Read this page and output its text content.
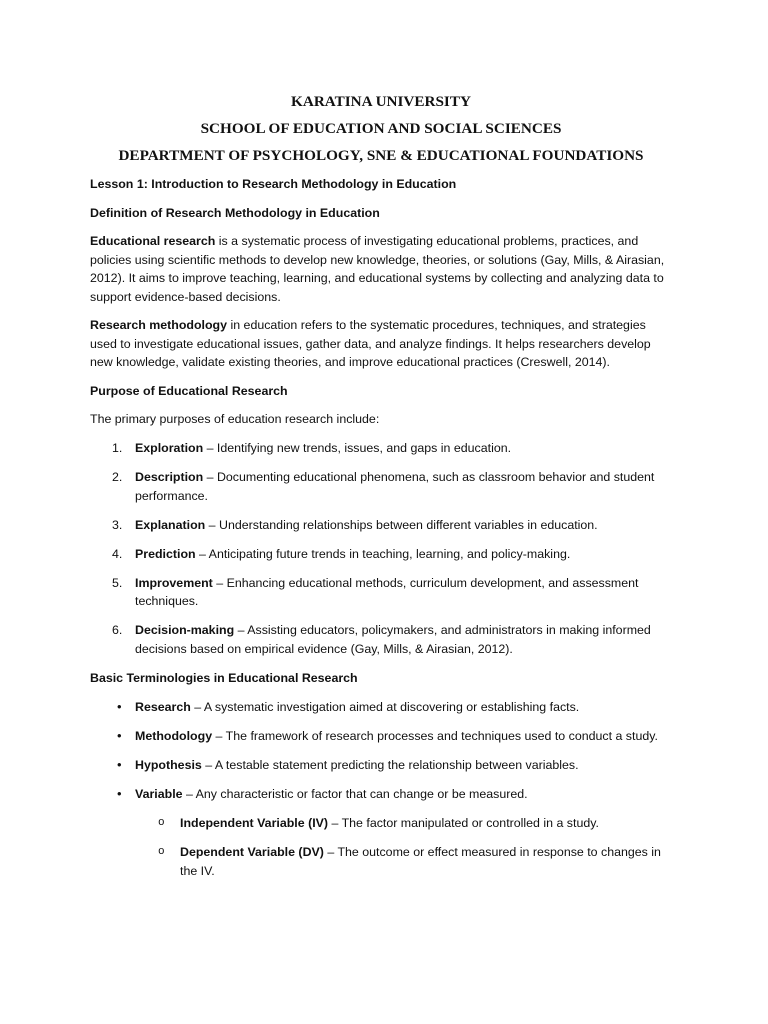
KARATINA UNIVERSITY
SCHOOL OF EDUCATION AND SOCIAL SCIENCES
DEPARTMENT OF PSYCHOLOGY, SNE & EDUCATIONAL FOUNDATIONS

Lesson 1: Introduction to Research Methodology in Education

Definition of Research Methodology in Education

Educational research is a systematic process of investigating educational problems, practices, and policies using scientific methods to develop new knowledge, theories, or solutions (Gay, Mills, & Airasian, 2012). It aims to improve teaching, learning, and educational systems by collecting and analyzing data to support evidence-based decisions.

Research methodology in education refers to the systematic procedures, techniques, and strategies used to investigate educational issues, gather data, and analyze findings. It helps researchers develop new knowledge, validate existing theories, and improve educational practices (Creswell, 2014).

Purpose of Educational Research

The primary purposes of education research include:

1. Exploration – Identifying new trends, issues, and gaps in education.
2. Description – Documenting educational phenomena, such as classroom behavior and student performance.
3. Explanation – Understanding relationships between different variables in education.
4. Prediction – Anticipating future trends in teaching, learning, and policy-making.
5. Improvement – Enhancing educational methods, curriculum development, and assessment techniques.
6. Decision-making – Assisting educators, policymakers, and administrators in making informed decisions based on empirical evidence (Gay, Mills, & Airasian, 2012).

Basic Terminologies in Educational Research

• Research – A systematic investigation aimed at discovering or establishing facts.
• Methodology – The framework of research processes and techniques used to conduct a study.
• Hypothesis – A testable statement predicting the relationship between variables.
• Variable – Any characteristic or factor that can change or be measured.
o Independent Variable (IV) – The factor manipulated or controlled in a study.
o Dependent Variable (DV) – The outcome or effect measured in response to changes in the IV.
